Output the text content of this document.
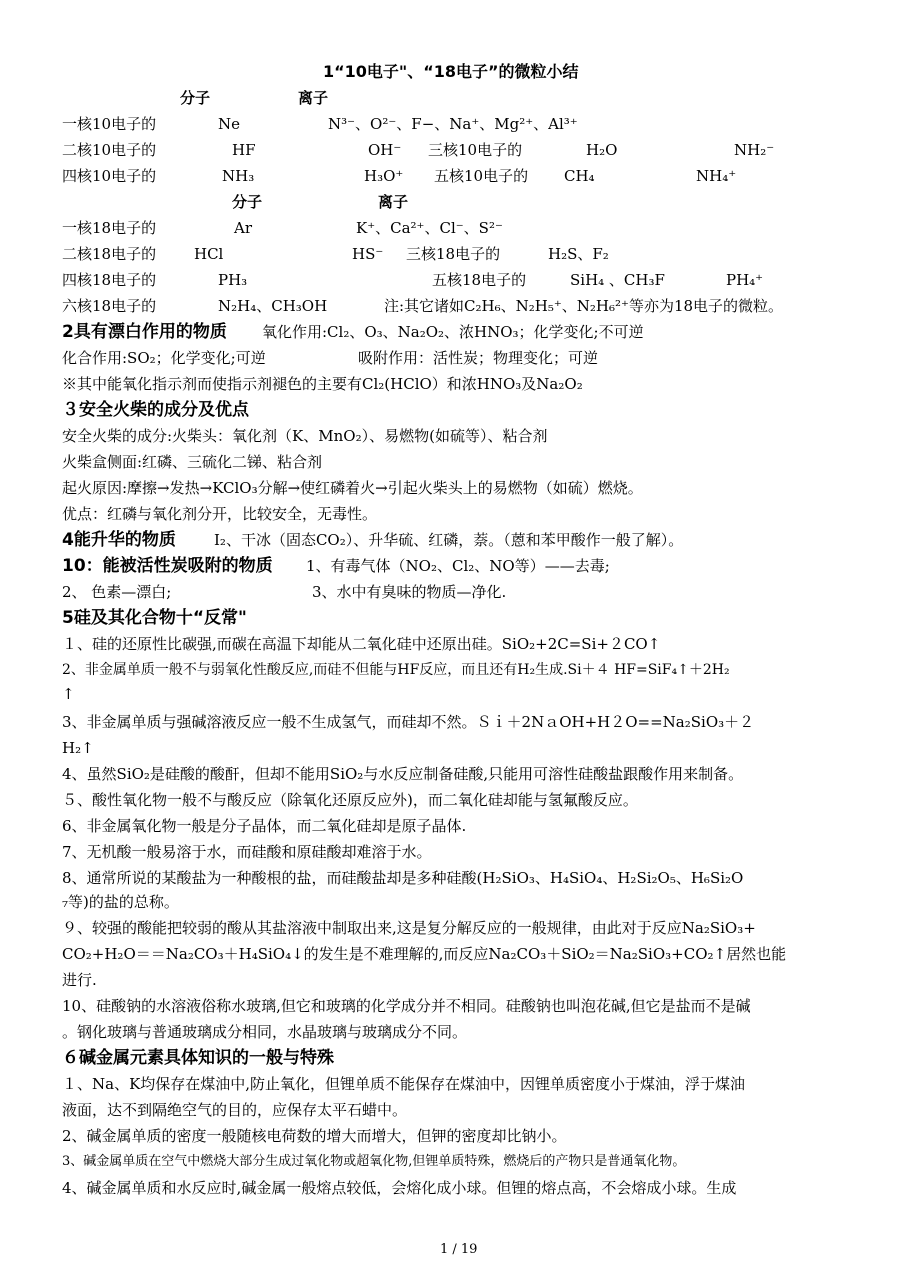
1“10电子"、“18电子”的微粒小结
分子	离子
一核10电子的	Ne	N³⁻、O²⁻、F−、Na⁺、Mg²⁺、Al³⁺
二核10电子的	HF	OH⁻ 三核10电子的	H₂O	NH₂⁻
四核10电子的	NH₃	H₃O⁺ 五核10电子的 CH₄	NH₄⁺
分子	离子
一核18电子的	Ar	K⁺、Ca²⁺、Cl⁻、S²⁻
二核18电子的	HCl	HS⁻ 三核18电子的	H₂S、F₂
四核18电子的	PH₃	五核18电子的	SiH₄ 、CH₃F	PH₄⁺
六核18电子的	N₂H₄、CH₃OH	注:其它诸如C₂H₆、N₂H₅⁺、N₂H₆²⁺等亦为18电子的微粒。
2具有漂白作用的物质 氧化作用:Cl₂、O₃、Na₂O₂、浓HNO₃；化学变化;不可逆
化合作用:SO₂；化学变化;可逆	吸附作用：活性炭；物理变化；可逆
※其中能氧化指示剂而使指示剂褪色的主要有Cl₂(HClO）和浓HNO₃及Na₂O₂
３安全火柴的成分及优点
安全火柴的成分:火柴头：氧化剂（K、MnO₂）、易燃物(如硫等）、粘合剂
火柴盒侧面:红磷、三硫化二锑、粘合剂
起火原因:摩擦→发热→KClO₃分解→使红磷着火→引起火柴头上的易燃物（如硫）燃烧。
优点：红磷与氧化剂分开，比较安全，无毒性。
4能升华的物质	I₂、干冰（固态CO₂）、升华硫、红磷，萘。（蒽和苯甲酸作一般了解）。
10：能被活性炭吸附的物质 1、有毒气体（NO₂、Cl₂、NO等）——去毒;
2、 色素—漂白;	3、水中有臭味的物质—净化.
5硅及其化合物十“反常"
１、硅的还原性比碳强,而碳在高温下却能从二氧化硅中还原出硅。SiO₂+2C=Si+２CO↑
2、非金属单质一般不与弱氧化性酸反应,而硅不但能与HF反应，而且还有H₂生成.Si＋４ HF=SiF₄↑＋2H₂
↑
3、非金属单质与强碱溶液反应一般不生成氢气，而硅却不然。Ｓｉ＋2NａOH+H２O==Na₂SiO₃＋２
H₂↑
4、虽然SiO₂是硅酸的酸酐，但却不能用SiO₂与水反应制备硅酸,只能用可溶性硅酸盐跟酸作用来制备。
５、酸性氧化物一般不与酸反应（除氧化还原反应外)，而二氧化硅却能与氢氟酸反应。
6、非金属氧化物一般是分子晶体，而二氧化硅却是原子晶体.
7、无机酸一般易溶于水，而硅酸和原硅酸却难溶于水。
8、通常所说的某酸盐为一种酸根的盐，而硅酸盐却是多种硅酸(H₂SiO₃、H₄SiO₄、H₂Si₂O₅、H₆Si₂O
₇等)的盐的总称。
９、较强的酸能把较弱的酸从其盐溶液中制取出来,这是复分解反应的一般规律，由此对于反应Na₂SiO₃+
CO₂+H₂O＝＝Na₂CO₃＋H₄SiO₄↓的发生是不难理解的,而反应Na₂CO₃＋SiO₂＝Na₂SiO₃+CO₂↑居然也能
进行.
10、硅酸钠的水溶液俗称水玻璃,但它和玻璃的化学成分并不相同。硅酸钠也叫泡花碱,但它是盐而不是碱
。钢化玻璃与普通玻璃成分相同，水晶玻璃与玻璃成分不同。
６碱金属元素具体知识的一般与特殊
１、Na、K均保存在煤油中,防止氧化，但锂单质不能保存在煤油中，因锂单质密度小于煤油，浮于煤油
液面，达不到隔绝空气的目的，应保存太平石蜡中。
2、碱金属单质的密度一般随核电荷数的增大而增大，但钾的密度却比钠小。
3、碱金属单质在空气中燃烧大部分生成过氧化物或超氧化物,但锂单质特殊，燃烧后的产物只是普通氧化物。
4、碱金属单质和水反应时,碱金属一般熔点较低，会熔化成小球。但锂的熔点高，不会熔成小球。生成
1 / 19
